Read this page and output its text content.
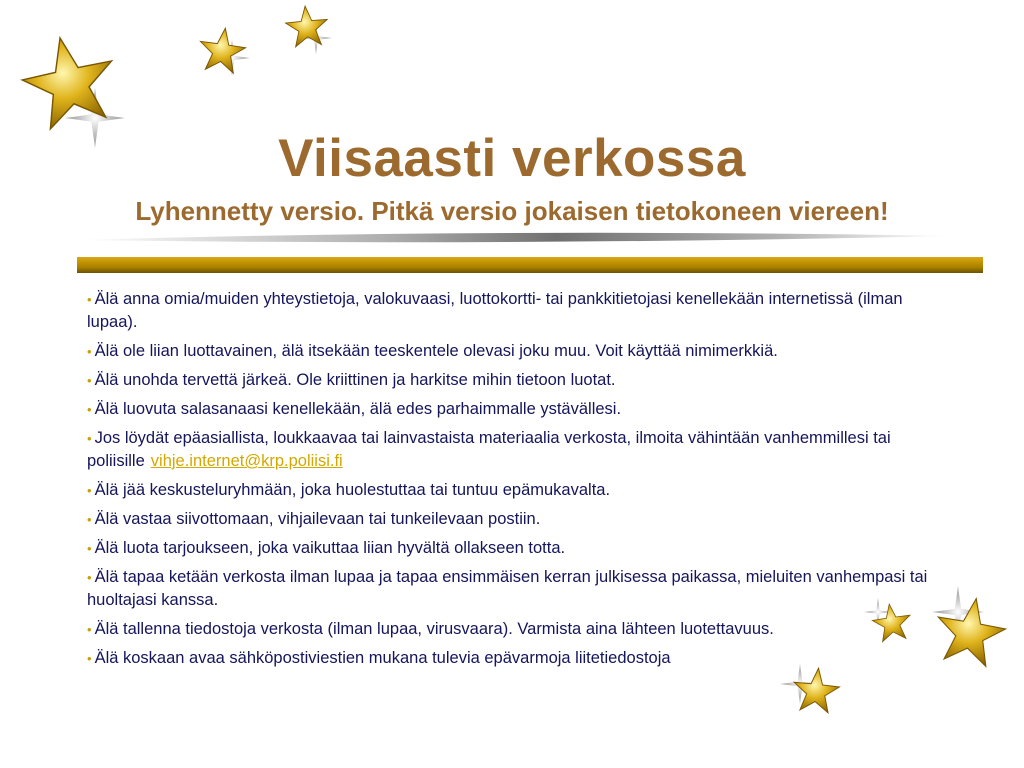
Viisaasti verkossa
Lyhennetty versio. Pitkä versio jokaisen tietokoneen viereen!
• Älä anna omia/muiden yhteystietoja, valokuvaasi, luottokortti- tai pankkitietojasi kenellekään internetissä (ilman lupaa).
• Älä ole liian luottavainen, älä itsekään teeskentele olevasi joku muu. Voit käyttää nimimerkkiä.
• Älä unohda tervettä järkeä. Ole kriittinen ja harkitse mihin tietoon luotat.
• Älä luovuta salasanaasi kenellekään, älä edes parhaimmalle ystävällesi.
• Jos löydät epäasiallista, loukkaavaa tai lainvastaista materiaalia verkosta, ilmoita vähintään vanhemmillesi tai poliisille vihje.internet@krp.poliisi.fi
• Älä jää keskusteluryhmään, joka huolestuttaa tai tuntuu epämukavalta.
• Älä vastaa siivottomaan, vihjailevaan tai tunkeilevaan postiin.
• Älä luota tarjoukseen, joka vaikuttaa liian hyvältä ollakseen totta.
• Älä tapaa ketään verkosta ilman lupaa ja tapaa ensimmäisen kerran julkisessa paikassa, mieluiten vanhempasi tai huoltajasi kanssa.
• Älä tallenna tiedostoja verkosta (ilman lupaa, virusvaara). Varmista aina lähteen luotettavuus.
• Älä koskaan avaa sähköpostiviestien mukana tulevia epävarmoja liitetiedostoja
